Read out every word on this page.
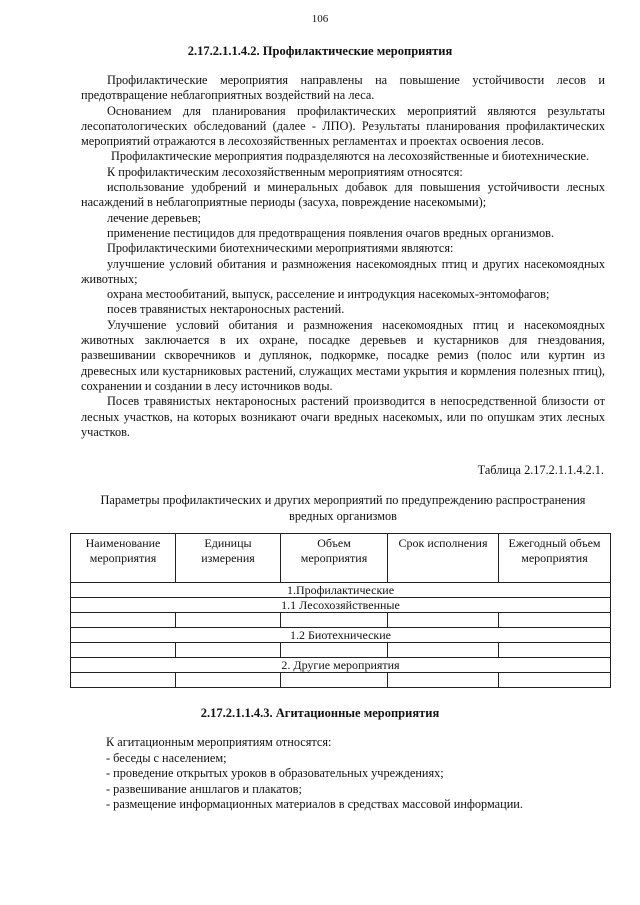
106
2.17.2.1.1.4.2. Профилактические мероприятия

Профилактические мероприятия направлены на повышение устойчивости лесов и предотвращение неблагоприятных воздействий на леса.

Основанием для планирования профилактических мероприятий являются результаты лесопатологических обследований (далее - ЛПО). Результаты планирования профилактических мероприятий отражаются в лесохозяйственных регламентах и проектах освоения лесов.

Профилактические мероприятия подразделяются на лесохозяйственные и биотехнические.

К профилактическим лесохозяйственным мероприятиям относятся:

использование удобрений и минеральных добавок для повышения устойчивости лесных насаждений в неблагоприятные периоды (засуха, повреждение насекомыми);

лечение деревьев;

применение пестицидов для предотвращения появления очагов вредных организмов.

Профилактическими биотехническими мероприятиями являются:

улучшение условий обитания и размножения насекомоядных птиц и других насекомоядных животных;

охрана местообитаний, выпуск, расселение и интродукция насекомых-энтомофагов;

посев травянистых нектароносных растений.

Улучшение условий обитания и размножения насекомоядных птиц и насекомоядных животных заключается в их охране, посадке деревьев и кустарников для гнездования, развешивании скворечников и дуплянок, подкормке, посадке ремиз (полос или куртин из древесных или кустарниковых растений, служащих местами укрытия и кормления полезных птиц), сохранении и создании в лесу источников воды.

Посев травянистых нектароносных растений производится в непосредственной близости от лесных участков, на которых возникают очаги вредных насекомых, или по опушкам этих лесных участков.

Таблица 2.17.2.1.1.4.2.1.
Параметры профилактических и других мероприятий по предупреждению распространения вредных организмов
Наименование мероприятия	Единицы измерения	Объем мероприятия	Срок исполнения	Ежегодный объем мероприятия
1.Профилактические				
1.1 Лесохозяйственные				

1.2 Биотехнические				

2. Другие мероприятия				

2.17.2.1.1.4.3. Агитационные мероприятия

К агитационным мероприятиям относятся:

- беседы с населением;

- проведение открытых уроков в образовательных учреждениях;

- развешивание аншлагов и плакатов;

- размещение информационных материалов в средствах массовой информации.
